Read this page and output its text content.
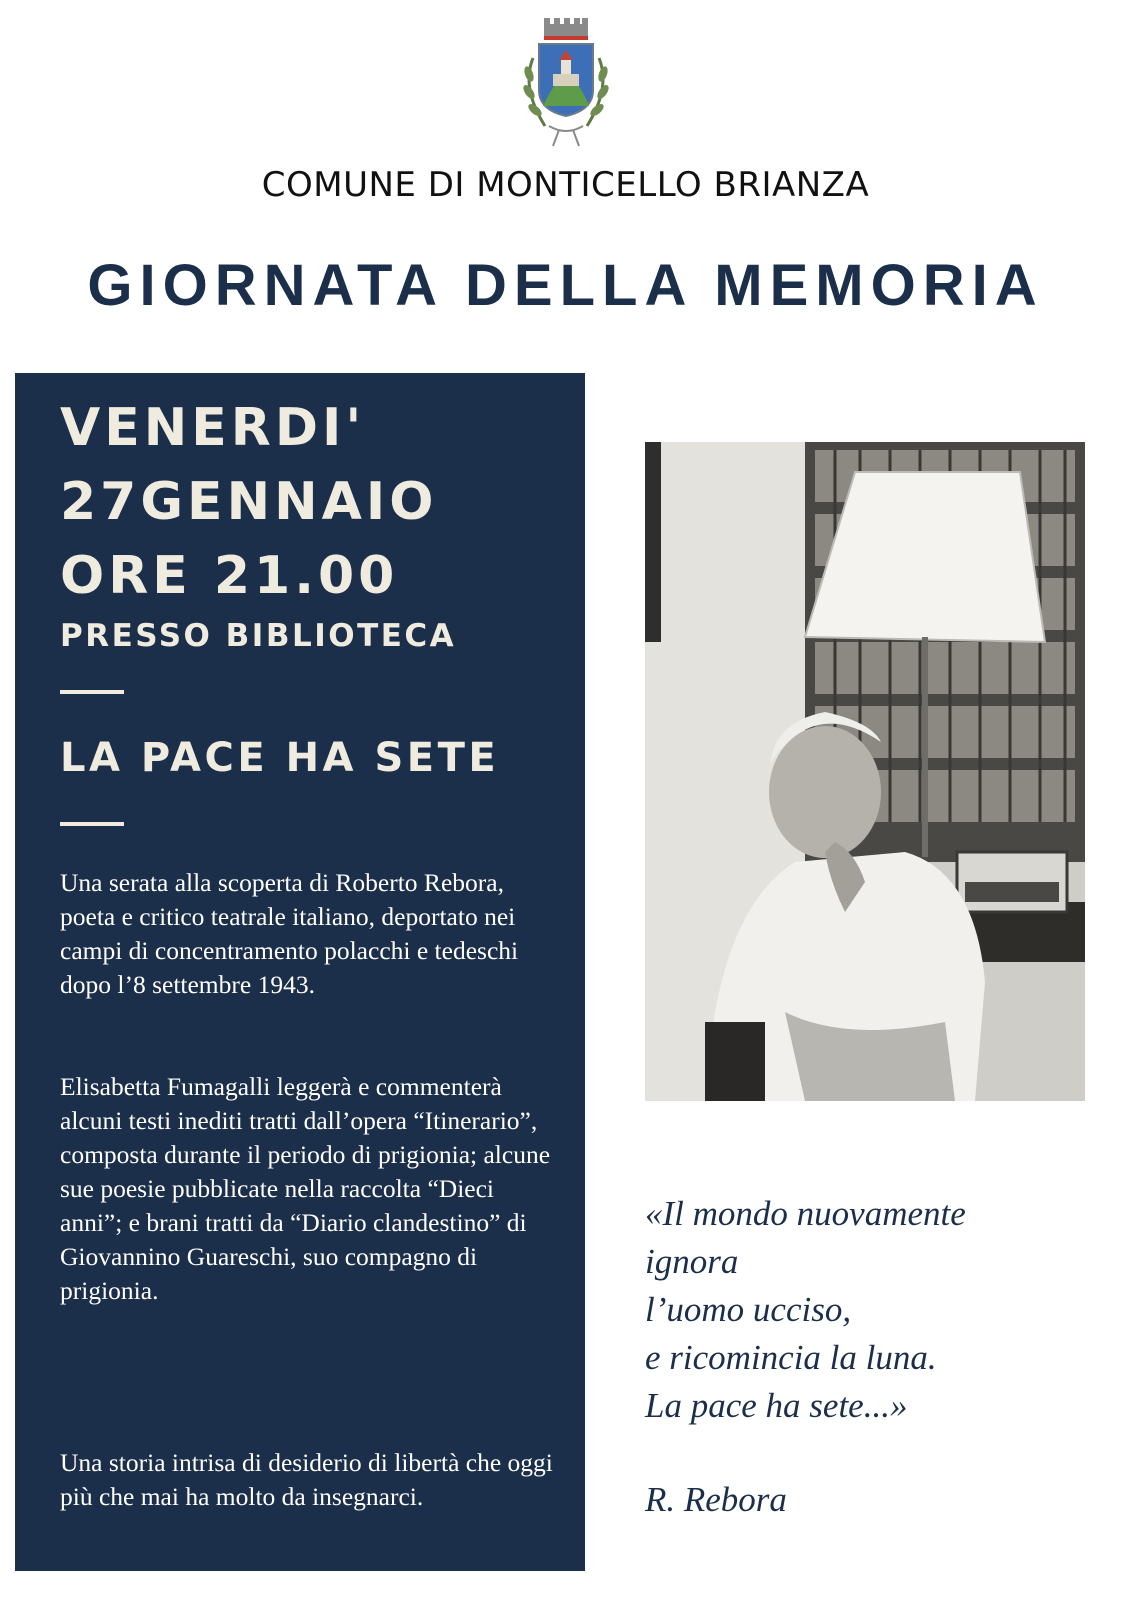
COMUNE DI MONTICELLO BRIANZA
GIORNATA DELLA MEMORIA
VENERDI'
27GENNAIO
ORE 21.00
PRESSO BIBLIOTECA
LA PACE HA SETE

Una serata alla scoperta di Roberto Rebora, poeta e critico teatrale italiano, deportato nei campi di concentramento polacchi e tedeschi dopo l’8 settembre 1943.

Elisabetta Fumagalli leggerà e commenterà alcuni testi inediti tratti dall’opera “Itinerario”, composta durante il periodo di prigionia; alcune sue poesie pubblicate nella raccolta “Dieci anni”; e brani tratti da “Diario clandestino” di Giovannino Guareschi, suo compagno di prigionia.

Una storia intrisa di desiderio di libertà che oggi più che mai ha molto da insegnarci.

«Il mondo nuovamente
ignora
l’uomo ucciso,
e ricomincia la luna.
La pace ha sete...»
R. Rebora
